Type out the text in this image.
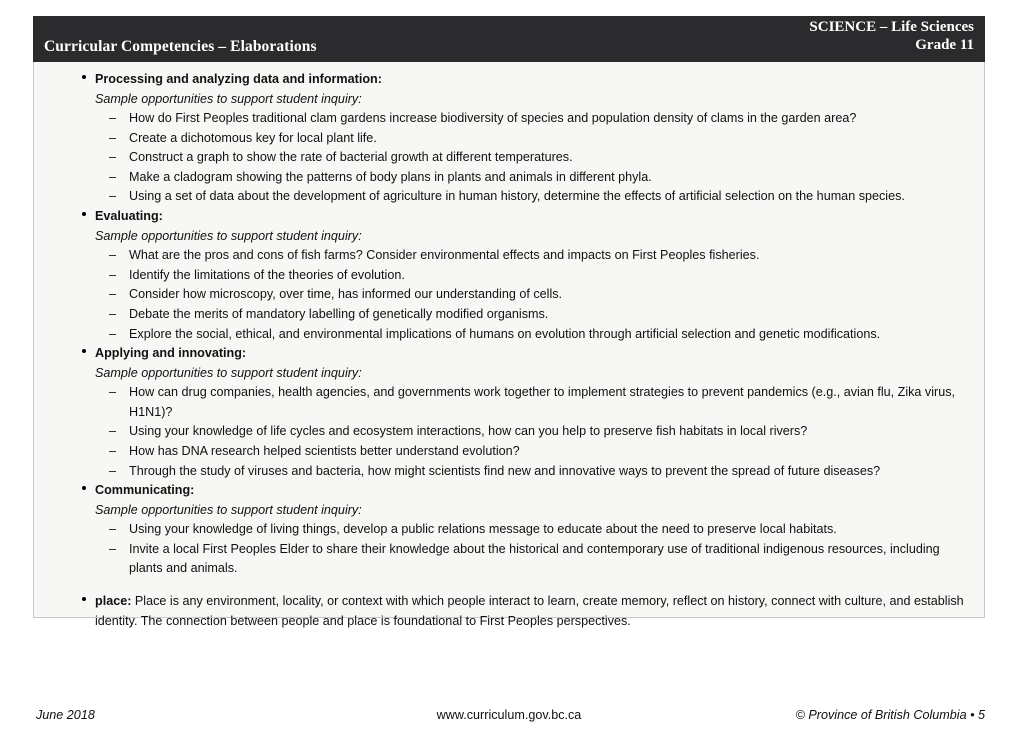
Curricular Competencies – Elaborations
SCIENCE – Life Sciences
Grade 11
Processing and analyzing data and information:
Sample opportunities to support student inquiry:
– How do First Peoples traditional clam gardens increase biodiversity of species and population density of clams in the garden area?
– Create a dichotomous key for local plant life.
– Construct a graph to show the rate of bacterial growth at different temperatures.
– Make a cladogram showing the patterns of body plans in plants and animals in different phyla.
– Using a set of data about the development of agriculture in human history, determine the effects of artificial selection on the human species.
Evaluating:
Sample opportunities to support student inquiry:
– What are the pros and cons of fish farms? Consider environmental effects and impacts on First Peoples fisheries.
– Identify the limitations of the theories of evolution.
– Consider how microscopy, over time, has informed our understanding of cells.
– Debate the merits of mandatory labelling of genetically modified organisms.
– Explore the social, ethical, and environmental implications of humans on evolution through artificial selection and genetic modifications.
Applying and innovating:
Sample opportunities to support student inquiry:
– How can drug companies, health agencies, and governments work together to implement strategies to prevent pandemics (e.g., avian flu, Zika virus, H1N1)?
– Using your knowledge of life cycles and ecosystem interactions, how can you help to preserve fish habitats in local rivers?
– How has DNA research helped scientists better understand evolution?
– Through the study of viruses and bacteria, how might scientists find new and innovative ways to prevent the spread of future diseases?
Communicating:
Sample opportunities to support student inquiry:
– Using your knowledge of living things, develop a public relations message to educate about the need to preserve local habitats.
– Invite a local First Peoples Elder to share their knowledge about the historical and contemporary use of traditional indigenous resources, including plants and animals.
place: Place is any environment, locality, or context with which people interact to learn, create memory, reflect on history, connect with culture, and establish identity. The connection between people and place is foundational to First Peoples perspectives.
June 2018	www.curriculum.gov.bc.ca	© Province of British Columbia • 5
